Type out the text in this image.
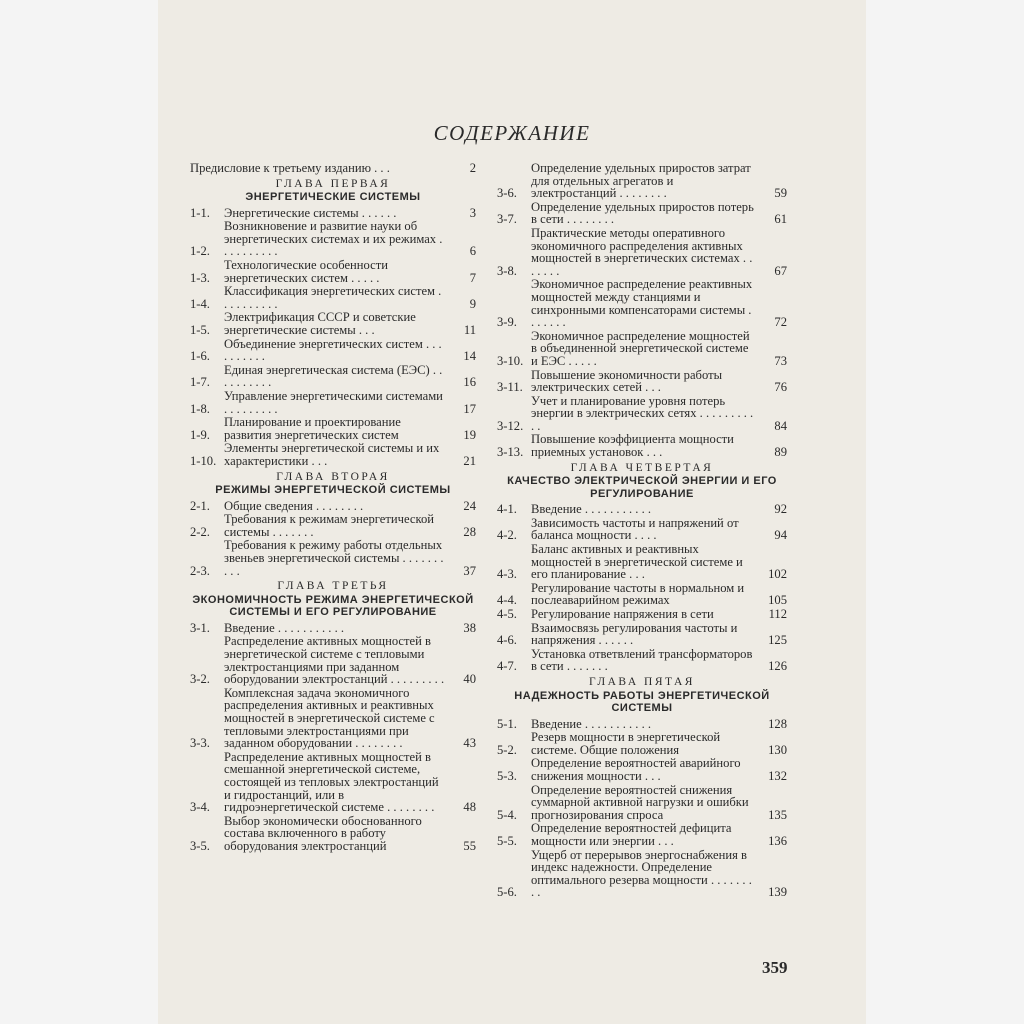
СОДЕРЖАНИЕ
Предисловие к третьему изданию . . .	2
ГЛАВА ПЕРВАЯ
ЭНЕРГЕТИЧЕСКИЕ СИСТЕМЫ
1-1.	Энергетические системы . . . . . .	3
1-2.
Возникновение и развитие науки об энергетических системах и их режимах . . . . . . . . . .	6
1-3.
Технологические особенности энергетических систем . . . . .	7
1-4.
Классификация энергетических систем . . . . . . . . . .	9
1-5.
Электрификация СССР и советские энергетические системы . . .	11
1-6.
Объединение энергетических систем . . . . . . . . . .	14
1-7.
Единая энергетическая система (ЕЭС) . . . . . . . . . .	16
1-8.
Управление энергетическими системами . . . . . . . . .	17
1-9.
Планирование и проектирование развития энергетических систем	19
1-10.
Элементы энергетической системы и их характеристики . . .	21
ГЛАВА ВТОРАЯ
РЕЖИМЫ ЭНЕРГЕТИЧЕСКОЙ СИСТЕМЫ
2-1.	Общие сведения . . . . . . . .	24
2-2.
Требования к режимам энергетической системы . . . . . . .	28
2-3.
Требования к режиму работы отдельных звеньев энергетической системы . . . . . . . . . .	37
ГЛАВА ТРЕТЬЯ
ЭКОНОМИЧНОСТЬ РЕЖИМА ЭНЕРГЕТИЧЕСКОЙ СИСТЕМЫ И ЕГО РЕГУЛИРОВАНИЕ
3-1.	Введение . . . . . . . . . . .	38
3-2.
Распределение активных мощностей в энергетической системе с тепловыми электростанциями при заданном оборудовании электростанций . . . . . . . . .	40
3-3.
Комплексная задача экономичного распределения активных и реактивных мощностей в энергетической системе с тепловыми электростанциями при заданном оборудовании . . . . . . . .	43
3-4.
Распределение активных мощностей в смешанной энергетической системе, состоящей из тепловых электростанций и гидростанций, или в гидроэнергетической системе . . . . . . . .	48
3-5.
Выбор экономически обоснованного состава включенного в работу оборудования электростанций	55
3-6.
Определение удельных приростов затрат для отдельных агрегатов и электростанций . . . . . . . .	59
3-7.
Определение удельных приростов потерь в сети . . . . . . . .	61
3-8.
Практические методы оперативного экономичного распределения активных мощностей в энергетических системах . . . . . . .	67
3-9.
Экономичное распределение реактивных мощностей между станциями и синхронными компенсаторами системы . . . . . . .	72
3-10.
Экономичное распределение мощностей в объединенной энергетической системе и ЕЭС . . . . .	73
3-11.
Повышение экономичности работы электрических сетей . . .	76
3-12.
Учет и планирование уровня потерь энергии в электрических сетях . . . . . . . . . . .	84
3-13.
Повышение коэффициента мощности приемных установок . . .	89
ГЛАВА ЧЕТВЕРТАЯ
КАЧЕСТВО ЭЛЕКТРИЧЕСКОЙ ЭНЕРГИИ И ЕГО РЕГУЛИРОВАНИЕ
4-1.	Введение . . . . . . . . . . .	92
4-2.
Зависимость частоты и напряжений от баланса мощности . . . .	94
4-3.
Баланс активных и реактивных мощностей в энергетической системе и его планирование . . .	102
4-4.
Регулирование частоты в нормальном и послеаварийном режимах	105
4-5.	Регулирование напряжения в сети	112
4-6.
Взаимосвязь регулирования частоты и напряжения . . . . . .	125
4-7.
Установка ответвлений трансформаторов в сети . . . . . . .	126
ГЛАВА ПЯТАЯ
НАДЕЖНОСТЬ РАБОТЫ ЭНЕРГЕТИЧЕСКОЙ СИСТЕМЫ
5-1.	Введение . . . . . . . . . . .	128
5-2.
Резерв мощности в энергетической системе. Общие положения	130
5-3.
Определение вероятностей аварийного снижения мощности . . .	132
5-4.
Определение вероятностей снижения суммарной активной нагрузки и ошибки прогнозирования спроса	135
5-5.
Определение вероятностей дефицита мощности или энергии . . .	136
5-6.
Ущерб от перерывов энергоснабжения в индекс надежности. Определение оптимального резерва мощности . . . . . . . . .	139
359
